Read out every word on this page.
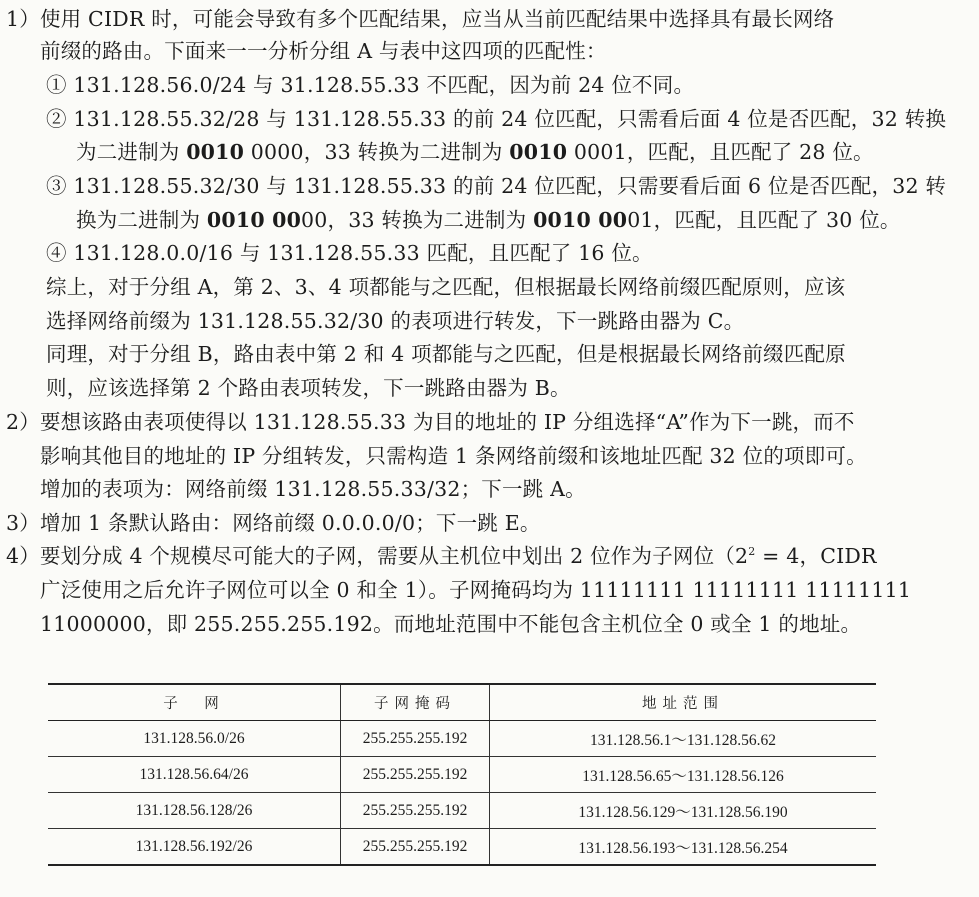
1）使用 CIDR 时，可能会导致有多个匹配结果，应当从当前匹配结果中选择具有最长网络
前缀的路由。下面来一一分析分组 A 与表中这四项的匹配性：
① 131.128.56.0/24 与 31.128.55.33 不匹配，因为前 24 位不同。
② 131.128.55.32/28 与 131.128.55.33 的前 24 位匹配，只需看后面 4 位是否匹配，32 转换
为二进制为 0010 0000，33 转换为二进制为 0010 0001，匹配，且匹配了 28 位。
③ 131.128.55.32/30 与 131.128.55.33 的前 24 位匹配，只需要看后面 6 位是否匹配，32 转
换为二进制为 0010 0000，33 转换为二进制为 0010 0001，匹配，且匹配了 30 位。
④ 131.128.0.0/16 与 131.128.55.33 匹配，且匹配了 16 位。
综上，对于分组 A，第 2、3、4 项都能与之匹配，但根据最长网络前缀匹配原则，应该
选择网络前缀为 131.128.55.32/30 的表项进行转发，下一跳路由器为 C。
同理，对于分组 B，路由表中第 2 和 4 项都能与之匹配，但是根据最长网络前缀匹配原
则，应该选择第 2 个路由表项转发，下一跳路由器为 B。
2）要想该路由表项使得以 131.128.55.33 为目的地址的 IP 分组选择“A”作为下一跳，而不
影响其他目的地址的 IP 分组转发，只需构造 1 条网络前缀和该地址匹配 32 位的项即可。
增加的表项为：网络前缀 131.128.55.33/32；下一跳 A。
3）增加 1 条默认路由：网络前缀 0.0.0.0/0；下一跳 E。
4）要划分成 4 个规模尽可能大的子网，需要从主机位中划出 2 位作为子网位（$2^2 = 4$，CIDR
广泛使用之后允许子网位可以全 0 和全 1）。子网掩码均为 11111111 11111111 11111111
11000000，即 255.255.255.192。而地址范围中不能包含主机位全 0 或全 1 的地址。
子　网	子网掩码	地址范围
131.128.56.0/26	255.255.255.192	131.128.56.1～131.128.56.62
131.128.56.64/26	255.255.255.192	131.128.56.65～131.128.56.126
131.128.56.128/26	255.255.255.192	131.128.56.129～131.128.56.190
131.128.56.192/26	255.255.255.192	131.128.56.193～131.128.56.254
